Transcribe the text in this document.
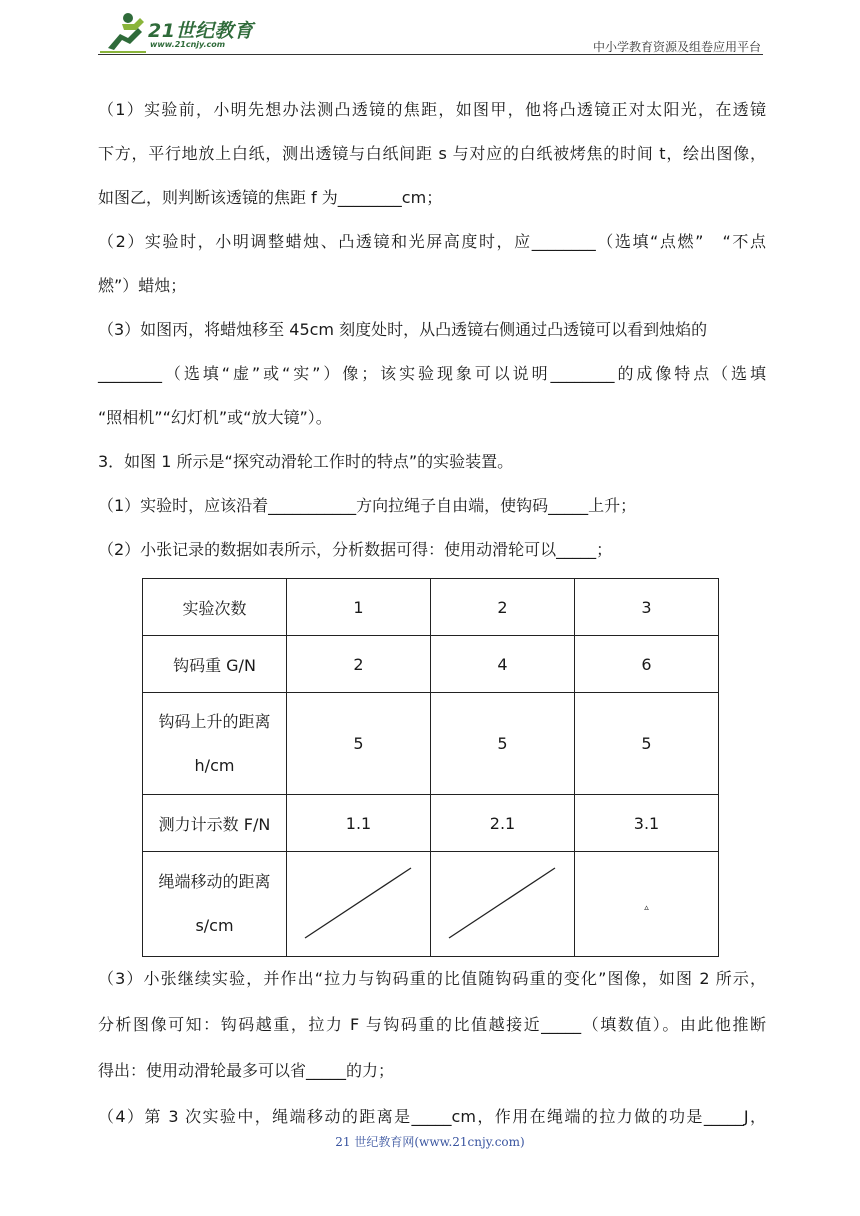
21世纪教育
www.21cnjy.com	中小学教育资源及组卷应用平台
（1）实验前，小明先想办法测凸透镜的焦距，如图甲，他将凸透镜正对太阳光，在透镜
下方，平行地放上白纸，测出透镜与白纸间距 s 与对应的白纸被烤焦的时间 t，绘出图像，
如图乙，则判断该透镜的焦距 f 为________cm；
（2）实验时，小明调整蜡烛、凸透镜和光屏高度时，应________（选填“点燃”　“不点
燃”）蜡烛；
（3）如图丙，将蜡烛移至 45cm 刻度处时，从凸透镜右侧通过凸透镜可以看到烛焰的
________（选填“虚”或“实”）像；该实验现象可以说明________的成像特点（选填
“照相机”“幻灯机”或“放大镜”）。
3．如图 1 所示是“探究动滑轮工作时的特点”的实验装置。
（1）实验时，应该沿着___________方向拉绳子自由端，使钩码_____上升；
（2）小张记录的数据如表所示，分析数据可得：使用动滑轮可以_____；
实验次数	1	2	3
钩码重 G/N	2	4	6

钩码上升的距离
h/cm	5	5	5
测力计示数 F/N	1.1	2.1	3.1

绳端移动的距离
s/cm			▵
（3）小张继续实验，并作出“拉力与钩码重的比值随钩码重的变化”图像，如图 2 所示，
分析图像可知：钩码越重，拉力 F 与钩码重的比值越接近_____（填数值）。由此他推断
得出：使用动滑轮最多可以省_____的力；
（4）第 3 次实验中，绳端移动的距离是_____cm，作用在绳端的拉力做的功是_____J，
21 世纪教育网(www.21cnjy.com)
